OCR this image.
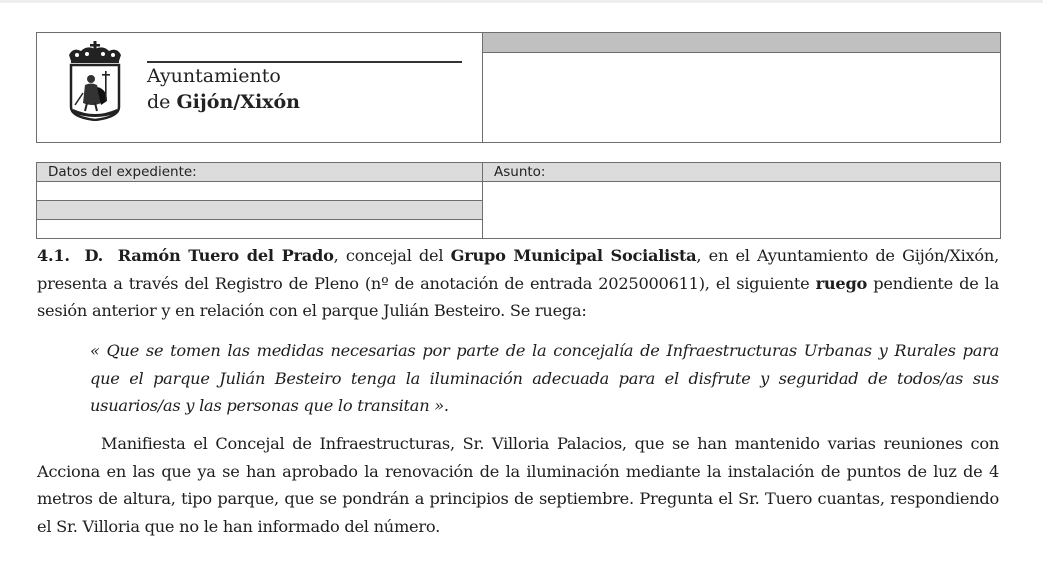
Ayuntamiento
de Gijón/Xixón
Datos del expediente:	Asunto:
4.1. D. Ramón Tuero del Prado, concejal del Grupo Municipal Socialista, en el Ayuntamiento de Gijón/Xixón, presenta a través del Registro de Pleno (nº de anotación de entrada 2025000611), el siguiente ruego pendiente de la sesión anterior y en relación con el parque Julián Besteiro. Se ruega:
« Que se tomen las medidas necesarias por parte de la concejalía de Infraestructuras Urbanas y Rurales para que el parque Julián Besteiro tenga la iluminación adecuada para el disfrute y seguridad de todos/as sus usuarios/as y las personas que lo transitan ».
Manifiesta el Concejal de Infraestructuras, Sr. Villoria Palacios, que se han mantenido varias reuniones con Acciona en las que ya se han aprobado la renovación de la iluminación mediante la instalación de puntos de luz de 4 metros de altura, tipo parque, que se pondrán a principios de septiembre. Pregunta el Sr. Tuero cuantas, respondiendo el Sr. Villoria que no le han informado del número.
